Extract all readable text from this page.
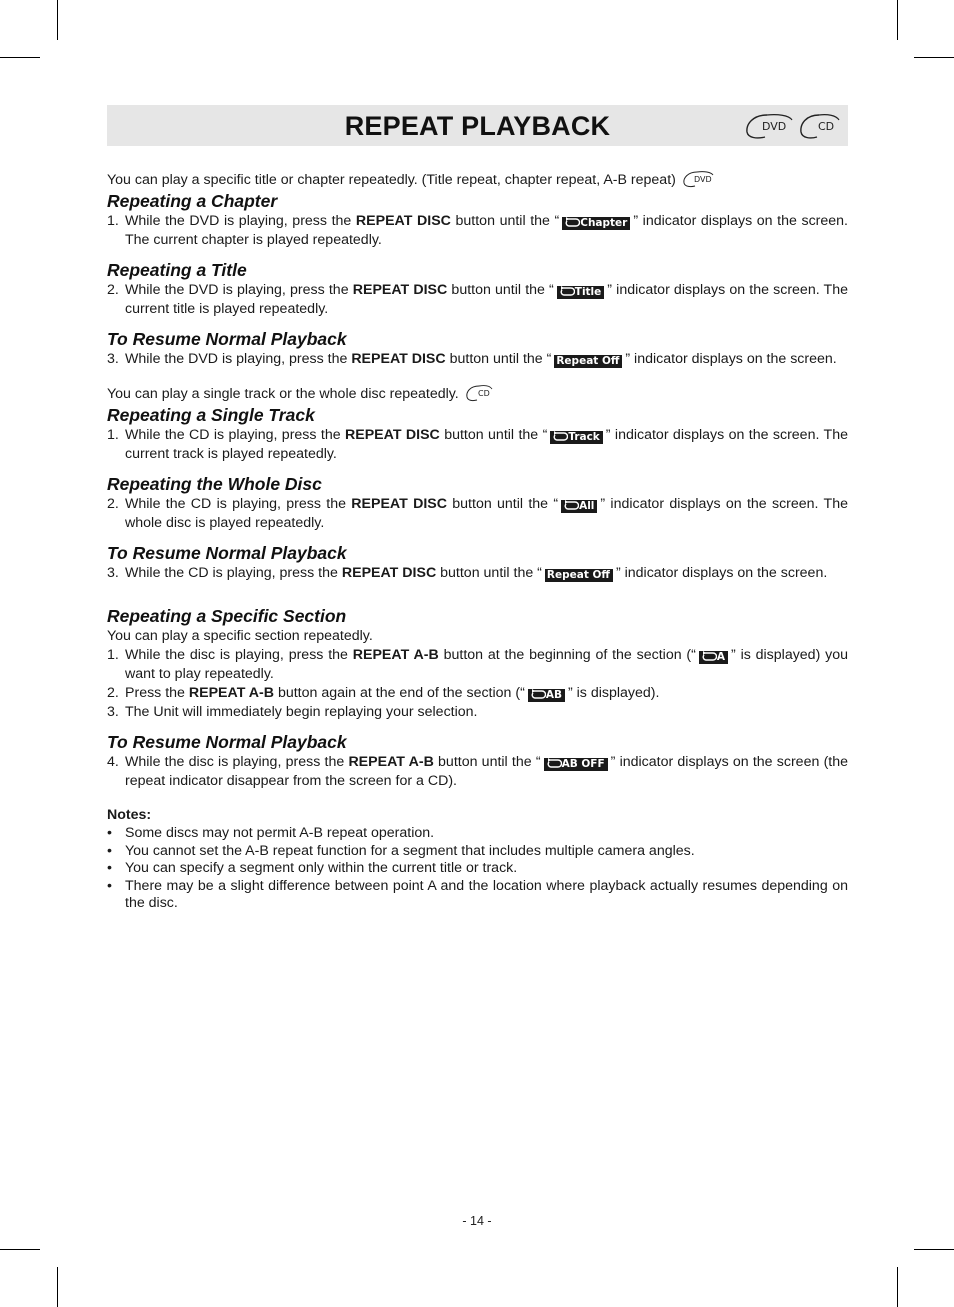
REPEAT PLAYBACK	DVD	CD

You can play a specific title or chapter repeatedly. (Title repeat, chapter repeat, A-B repeat) DVD

Repeating a Chapter
1. While the DVD is playing, press the REPEAT DISC button until the “ Chapter ” indicator displays on the screen. The current chapter is played repeatedly.
Repeating a Title
2. While the DVD is playing, press the REPEAT DISC button until the “ Title ” indicator displays on the screen. The current title is played repeatedly.
To Resume Normal Playback
3. While the DVD is playing, press the REPEAT DISC button until the “ Repeat Off ” indicator displays on the screen.

You can play a single track or the whole disc repeatedly. CD

Repeating a Single Track
1. While the CD is playing, press the REPEAT DISC button until the “ Track ” indicator displays on the screen. The current track is played repeatedly.
Repeating the Whole Disc
2. While the CD is playing, press the REPEAT DISC button until the “ All ” indicator displays on the screen. The whole disc is played repeatedly.
To Resume Normal Playback
3. While the CD is playing, press the REPEAT DISC button until the “ Repeat Off ” indicator displays on the screen.
Repeating a Specific Section

You can play a specific section repeatedly.

1. While the disc is playing, press the REPEAT A-B button at the beginning of the section (“ A ” is displayed) you want to play repeatedly.
2. Press the REPEAT A-B button again at the end of the section (“ AB ” is displayed).
3. The Unit will immediately begin replaying your selection.
To Resume Normal Playback
4. While the disc is playing, press the REPEAT A-B button until the “ AB OFF ” indicator displays on the screen (the repeat indicator disappear from the screen for a CD).

Notes:

• Some discs may not permit A-B repeat operation.
• You cannot set the A-B repeat function for a segment that includes multiple camera angles.
• You can specify a segment only within the current title or track.
• There may be a slight difference between point A and the location where playback actually resumes depending on the disc.
- 14 -
